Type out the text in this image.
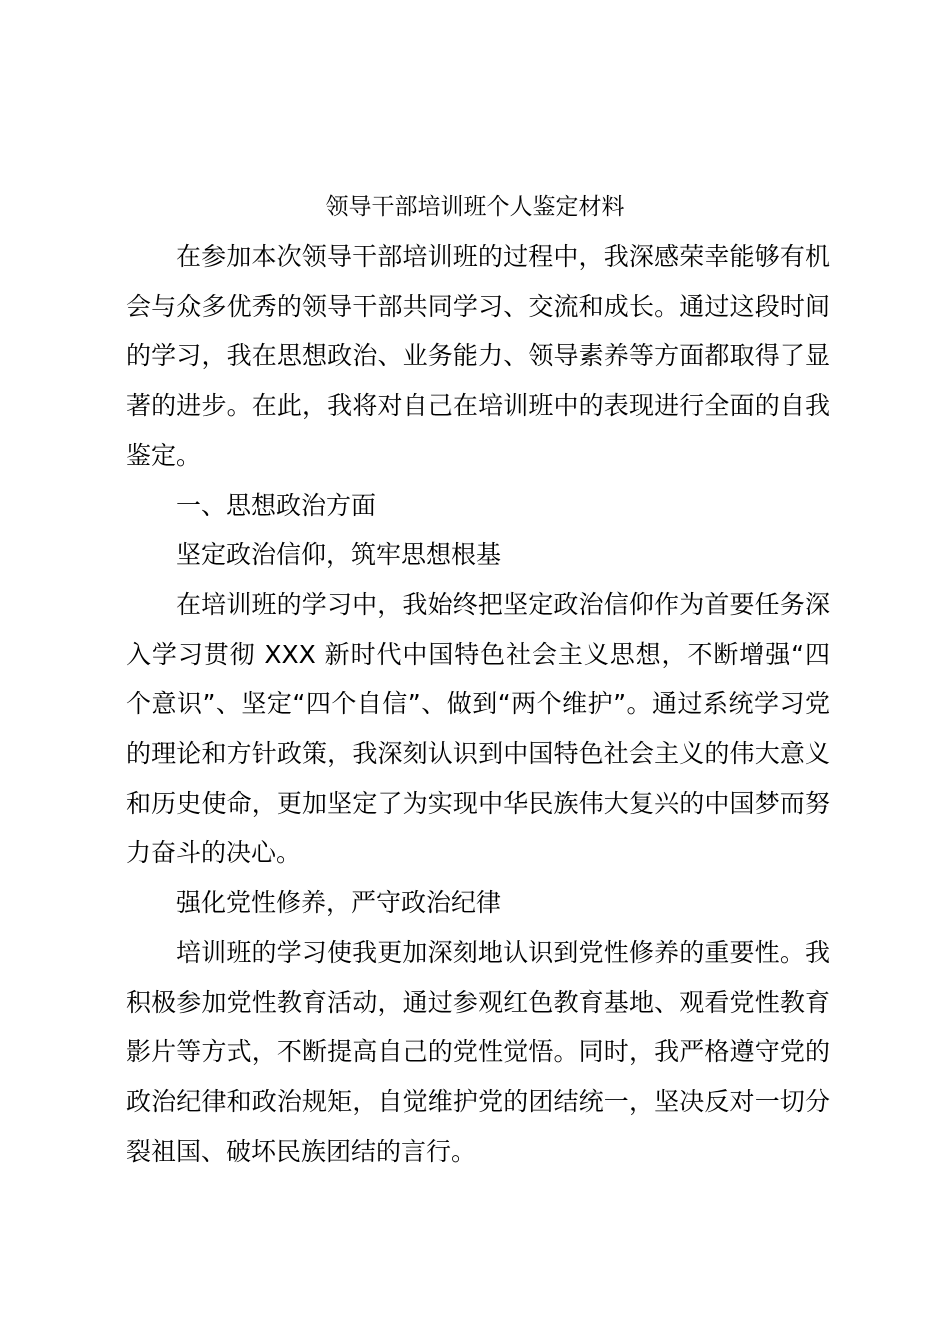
领导干部培训班个人鉴定材料

在参加本次领导干部培训班的过程中，我深感荣幸能够有机会与众多优秀的领导干部共同学习、交流和成长。通过这段时间的学习，我在思想政治、业务能力、领导素养等方面都取得了显著的进步。在此，我将对自己在培训班中的表现进行全面的自我鉴定。

一、思想政治方面

坚定政治信仰，筑牢思想根基

在培训班的学习中，我始终把坚定政治信仰作为首要任务深入学习贯彻 XXX 新时代中国特色社会主义思想，不断增强“四个意识”、坚定“四个自信”、做到“两个维护”。通过系统学习党的理论和方针政策，我深刻认识到中国特色社会主义的伟大意义和历史使命，更加坚定了为实现中华民族伟大复兴的中国梦而努力奋斗的决心。

强化党性修养，严守政治纪律

培训班的学习使我更加深刻地认识到党性修养的重要性。我积极参加党性教育活动，通过参观红色教育基地、观看党性教育影片等方式，不断提高自己的党性觉悟。同时，我严格遵守党的政治纪律和政治规矩，自觉维护党的团结统一，坚决反对一切分裂祖国、破坏民族团结的言行。
